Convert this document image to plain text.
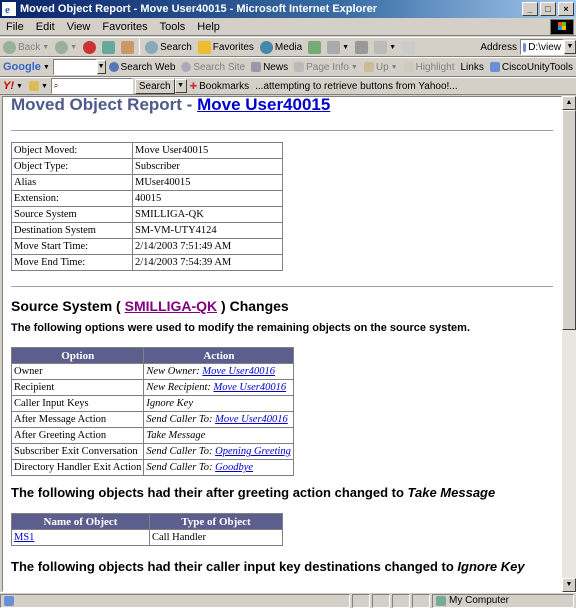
e Moved Object Report - Move User40015 - Microsoft Internet Explorer	_	□	×
File	Edit	View	Favorites	Tools	Help
Back ▼	▼	Search Favorites Media	▼	▼	Address	D:\view ▼
Google ▼	▼ Search Web Search Site News Page Info ▼ Up ▼ Highlight Links	CiscoUnityTools
Y! ▼	▼ ⌕	Search ▼ ✚ Bookmarks ...attempting to retrieve buttons from Yahoo!...
Moved Object Report - Move User40015
Object Moved:	Move User40015
Object Type:	Subscriber
Alias	MUser40015
Extension:	40015
Source System	SMILLIGA-QK
Destination System	SM-VM-UTY4124
Move Start Time:	2/14/2003 7:51:49 AM
Move End Time:	2/14/2003 7:54:39 AM
Source System ( SMILLIGA-QK ) Changes
The following options were used to modify the remaining objects on the source system.
Option	Action
Owner	New Owner: Move User40016
Recipient	New Recipient: Move User40016
Caller Input Keys	Ignore Key
After Message Action	Send Caller To: Move User40016
After Greeting Action	Take Message
Subscriber Exit Conversation	Send Caller To: Opening Greeting
Directory Handler Exit Action	Send Caller To: Goodbye
The following objects had their after greeting action changed to Take Message
Name of Object	Type of Object
MS1	Call Handler
The following objects had their caller input key destinations changed to Ignore Key
▲
▼
My Computer
